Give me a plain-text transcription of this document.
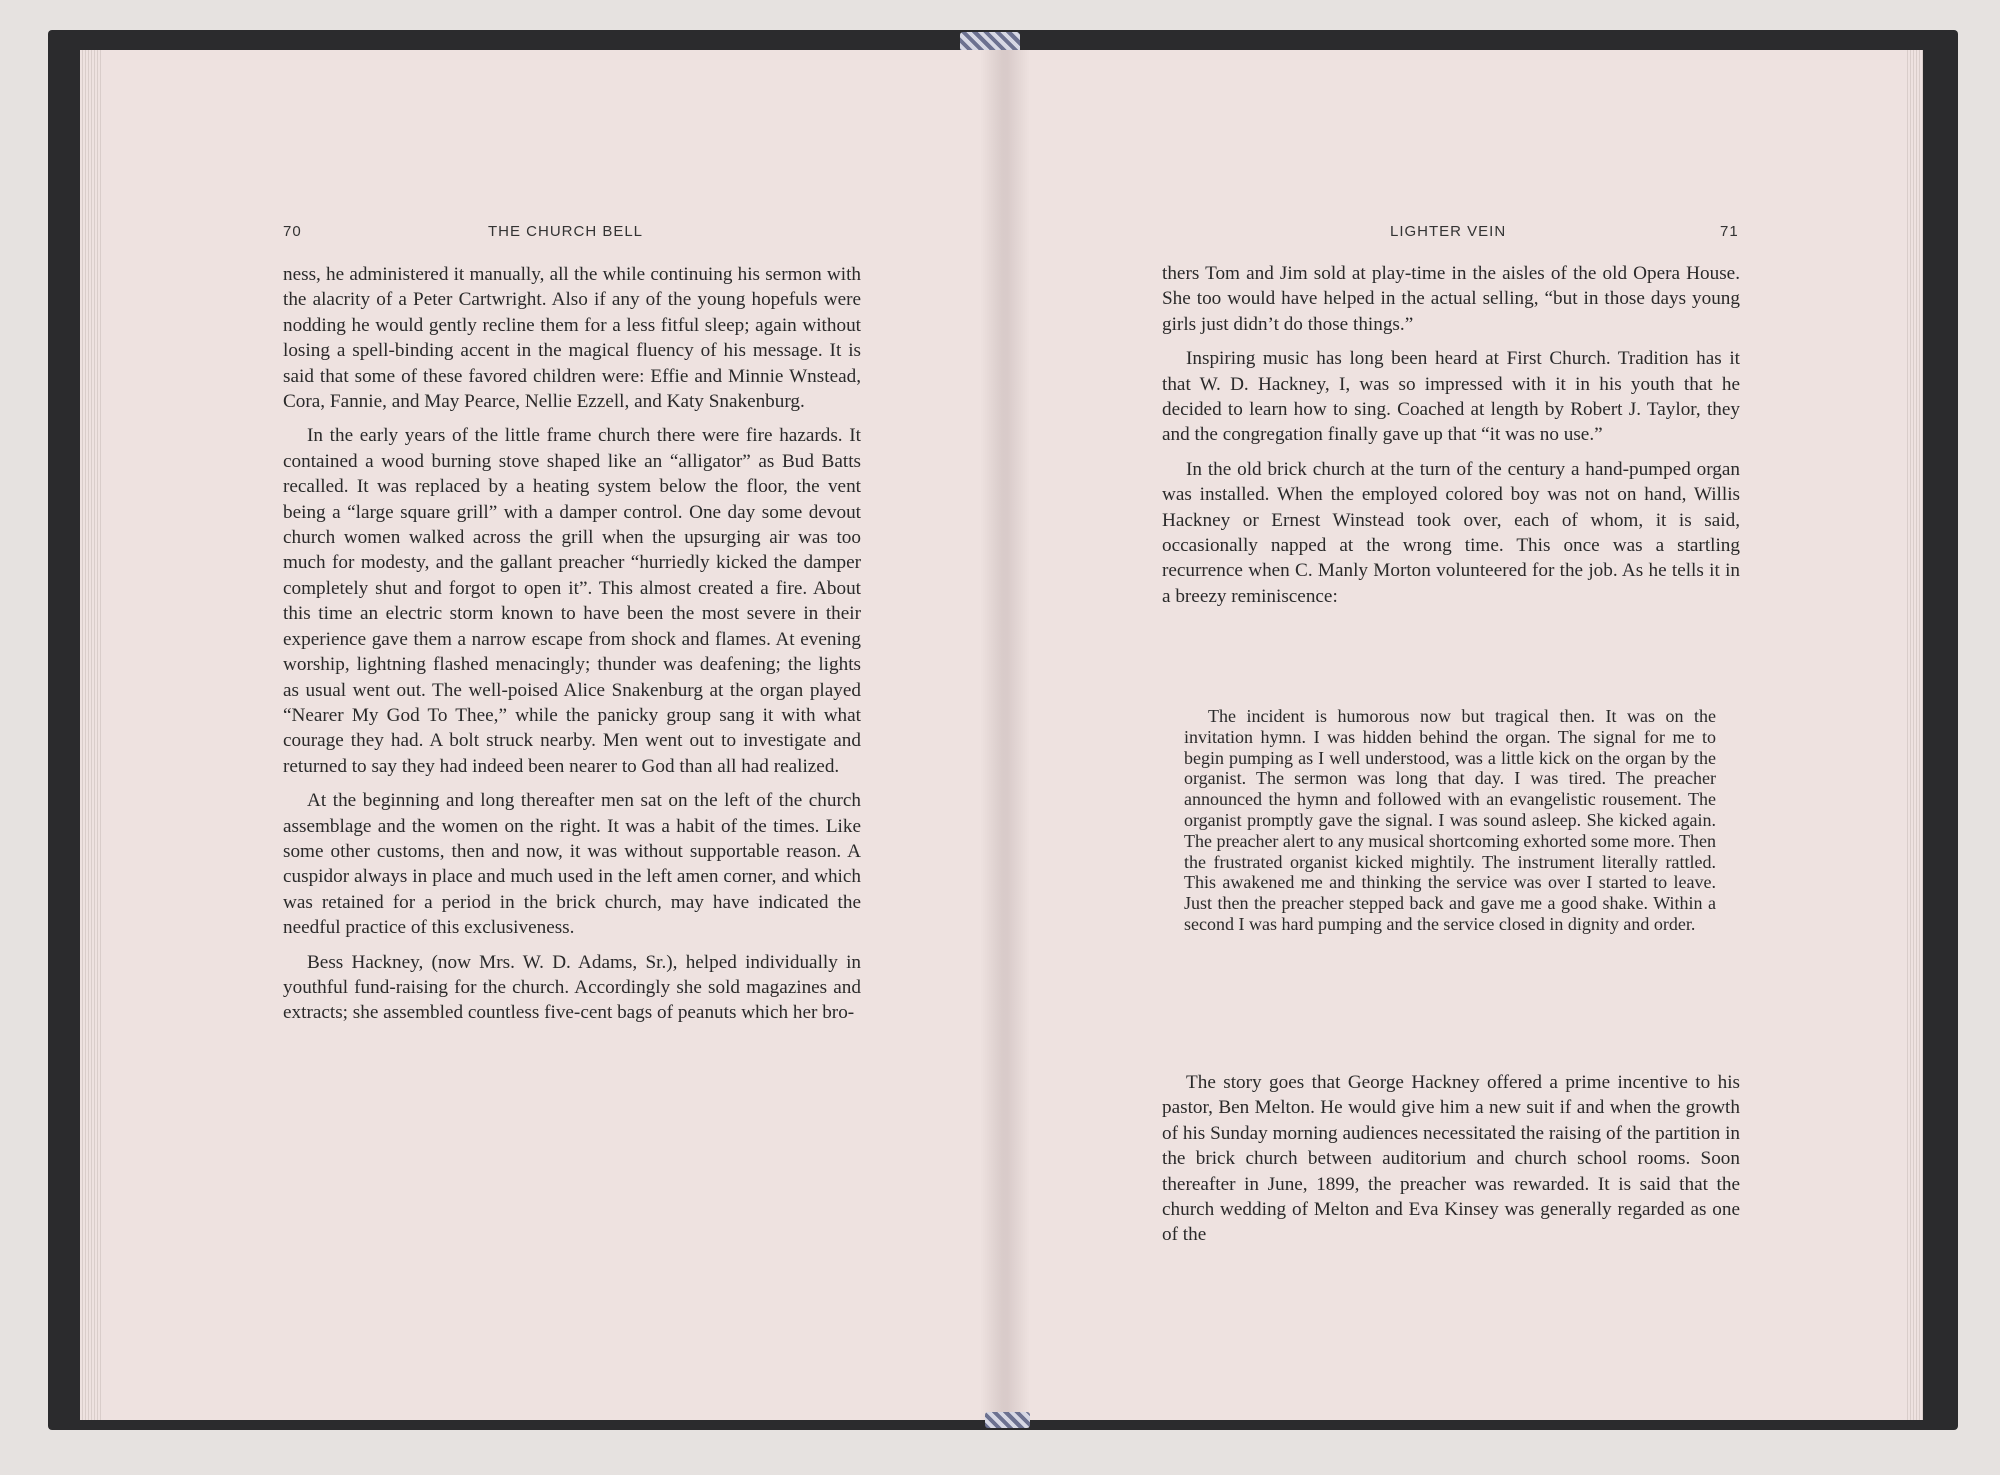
70	THE CHURCH BELL

ness, he administered it manually, all the while continuing his sermon with the alacrity of a Peter Cartwright. Also if any of the young hopefuls were nodding he would gently recline them for a less fitful sleep; again without losing a spell-binding accent in the magical fluency of his message. It is said that some of these favored children were: Effie and Minnie Wnstead, Cora, Fannie, and May Pearce, Nellie Ezzell, and Katy Snakenburg.

In the early years of the little frame church there were fire hazards. It contained a wood burning stove shaped like an “alligator” as Bud Batts recalled. It was replaced by a heating system below the floor, the vent being a “large square grill” with a damper control. One day some devout church women walked across the grill when the upsurging air was too much for modesty, and the gallant preacher “hurriedly kicked the damper completely shut and forgot to open it”. This almost created a fire. About this time an electric storm known to have been the most severe in their experience gave them a narrow escape from shock and flames. At evening worship, lightning flashed menacingly; thunder was deafening; the lights as usual went out. The well-poised Alice Snakenburg at the organ played “Nearer My God To Thee,” while the panicky group sang it with what courage they had. A bolt struck nearby. Men went out to investigate and returned to say they had indeed been nearer to God than all had realized.

At the beginning and long thereafter men sat on the left of the church assemblage and the women on the right. It was a habit of the times. Like some other customs, then and now, it was without supportable reason. A cuspidor always in place and much used in the left amen corner, and which was retained for a period in the brick church, may have indicated the needful practice of this exclusiveness.

Bess Hackney, (now Mrs. W. D. Adams, Sr.), helped individually in youthful fund-raising for the church. Accordingly she sold magazines and extracts; she assembled countless five-cent bags of peanuts which her bro-

LIGHTER VEIN	71

thers Tom and Jim sold at play-time in the aisles of the old Opera House. She too would have helped in the actual selling, “but in those days young girls just didn’t do those things.”

Inspiring music has long been heard at First Church. Tradition has it that W. D. Hackney, I, was so impressed with it in his youth that he decided to learn how to sing. Coached at length by Robert J. Taylor, they and the congregation finally gave up that “it was no use.”

In the old brick church at the turn of the century a hand-pumped organ was installed. When the employed colored boy was not on hand, Willis Hackney or Ernest Winstead took over, each of whom, it is said, occasionally napped at the wrong time. This once was a startling recurrence when C. Manly Morton volunteered for the job. As he tells it in a breezy reminiscence:

The incident is humorous now but tragical then. It was on the invitation hymn. I was hidden behind the organ. The signal for me to begin pumping as I well understood, was a little kick on the organ by the organist. The sermon was long that day. I was tired. The preacher announced the hymn and followed with an evangelistic rousement. The organist promptly gave the signal. I was sound asleep. She kicked again. The preacher alert to any musical shortcoming exhorted some more. Then the frustrated organist kicked mightily. The instrument literally rattled. This awakened me and thinking the service was over I started to leave. Just then the preacher stepped back and gave me a good shake. Within a second I was hard pumping and the service closed in dignity and order.

The story goes that George Hackney offered a prime incentive to his pastor, Ben Melton. He would give him a new suit if and when the growth of his Sunday morning audiences necessitated the raising of the partition in the brick church between auditorium and church school rooms. Soon thereafter in June, 1899, the preacher was rewarded. It is said that the church wedding of Melton and Eva Kinsey was generally regarded as one of the
